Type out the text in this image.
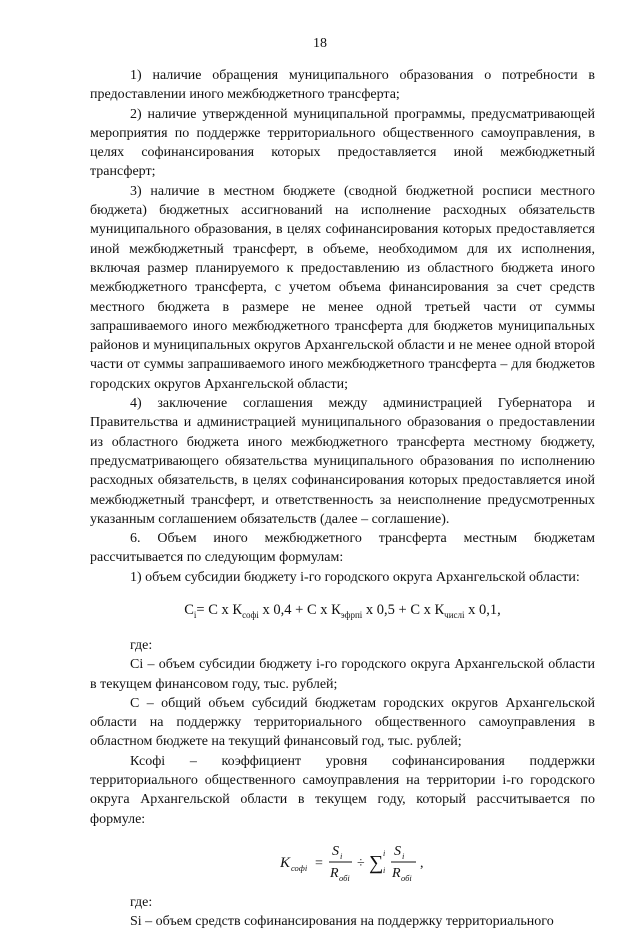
18

1) наличие обращения муниципального образования о потребности в предоставлении иного межбюджетного трансферта;

2) наличие утвержденной муниципальной программы, предусматривающей мероприятия по поддержке территориального общественного самоуправления, в целях софинансирования которых предоставляется иной межбюджетный трансферт;

3) наличие в местном бюджете (сводной бюджетной росписи местного бюджета) бюджетных ассигнований на исполнение расходных обязательств муниципального образования, в целях софинансирования которых предоставляется иной межбюджетный трансферт, в объеме, необходимом для их исполнения, включая размер планируемого к предоставлению из областного бюджета иного межбюджетного трансферта, с учетом объема финансирования за счет средств местного бюджета в размере не менее одной третьей части от суммы запрашиваемого иного межбюджетного трансферта для бюджетов муниципальных районов и муниципальных округов Архангельской области и не менее одной второй части от суммы запрашиваемого иного межбюджетного трансферта – для бюджетов городских округов Архангельской области;

4) заключение соглашения между администрацией Губернатора и Правительства и администрацией муниципального образования о предоставлении из областного бюджета иного межбюджетного трансферта местному бюджету, предусматривающего обязательства муниципального образования по исполнению расходных обязательств, в целях софинансирования которых предоставляется иной межбюджетный трансферт, и ответственность за неисполнение предусмотренных указанным соглашением обязательств (далее – соглашение).

6. Объем иного межбюджетного трансферта местным бюджетам рассчитывается по следующим формулам:

1) объем субсидии бюджету i-го городского округа Архангельской области:

$C_i= С$ х $К_{софi}$ х 0,4 + С х $К_{эфрпi}$ х 0,5 + С х $К_{числi}$ х 0,1,

где:

Сi – объем субсидии бюджету i-го городского округа Архангельской области в текущем финансовом году, тыс. рублей;

С – общий объем субсидий бюджетам городских округов Архангельской области на поддержку территориального общественного самоуправления в областном бюджете на текущий финансовый год, тыс. рублей;

Ксофi – коэффициент уровня софинансирования поддержки территориального общественного самоуправления на территории i-го городского округа Архангельской области в текущем году, который рассчитывается по формуле:

K софi =
S i
R обi
÷ ∑ i
i
S i
R обi
,

где:

Si – объем средств софинансирования на поддержку территориального
